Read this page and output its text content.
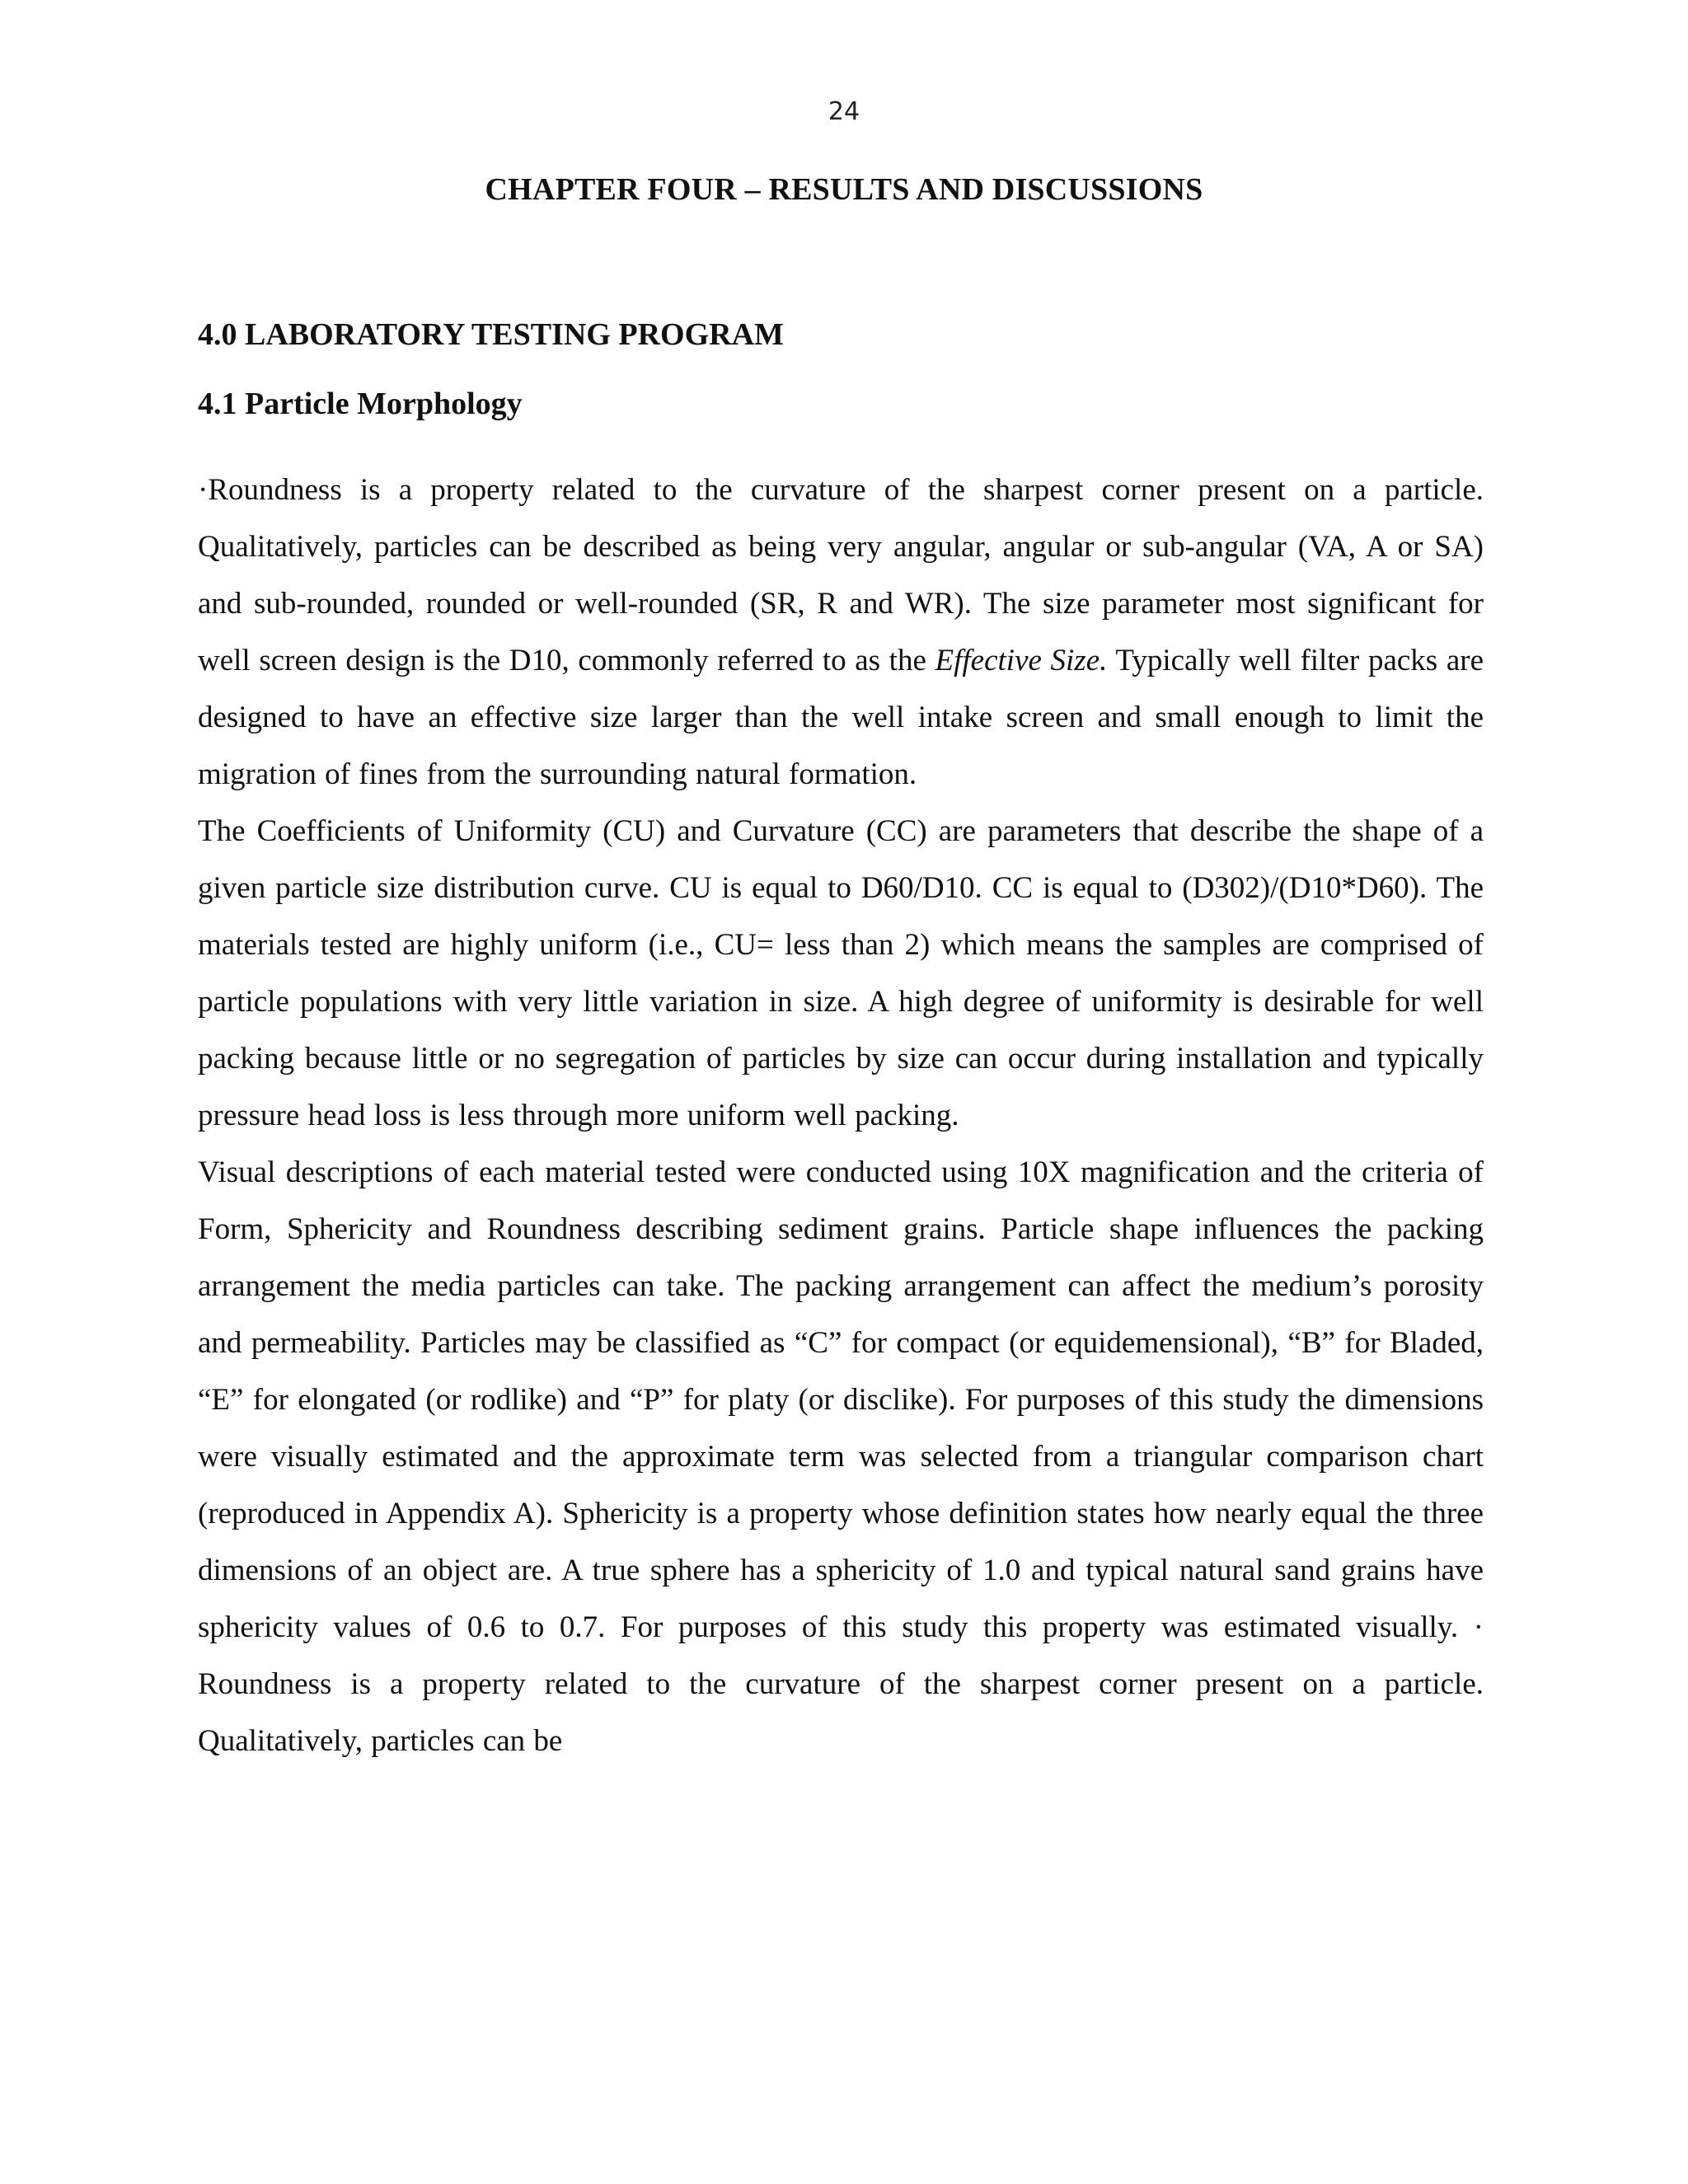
24
CHAPTER FOUR – RESULTS AND DISCUSSIONS
4.0 LABORATORY TESTING PROGRAM
4.1 Particle Morphology

·Roundness is a property related to the curvature of the sharpest corner present on a particle. Qualitatively, particles can be described as being very angular, angular or sub-angular (VA, A or SA) and sub-rounded, rounded or well-rounded (SR, R and WR). The size parameter most significant for well screen design is the D10, commonly referred to as the Effective Size. Typically well filter packs are designed to have an effective size larger than the well intake screen and small enough to limit the migration of fines from the surrounding natural formation.

The Coefficients of Uniformity (CU) and Curvature (CC) are parameters that describe the shape of a given particle size distribution curve. CU is equal to D60/D10. CC is equal to (D302)/(D10*D60). The materials tested are highly uniform (i.e., CU= less than 2) which means the samples are comprised of particle populations with very little variation in size. A high degree of uniformity is desirable for well packing because little or no segregation of particles by size can occur during installation and typically pressure head loss is less through more uniform well packing.

Visual descriptions of each material tested were conducted using 10X magnification and the criteria of Form, Sphericity and Roundness describing sediment grains. Particle shape influences the packing arrangement the media particles can take. The packing arrangement can affect the medium’s porosity and permeability. Particles may be classified as “C” for compact (or equidemensional), “B” for Bladed, “E” for elongated (or rodlike) and “P” for platy (or disclike). For purposes of this study the dimensions were visually estimated and the approximate term was selected from a triangular comparison chart (reproduced in Appendix A). Sphericity is a property whose definition states how nearly equal the three dimensions of an object are. A true sphere has a sphericity of 1.0 and typical natural sand grains have sphericity values of 0.6 to 0.7. For purposes of this study this property was estimated visually. · Roundness is a property related to the curvature of the sharpest corner present on a particle. Qualitatively, particles can be
